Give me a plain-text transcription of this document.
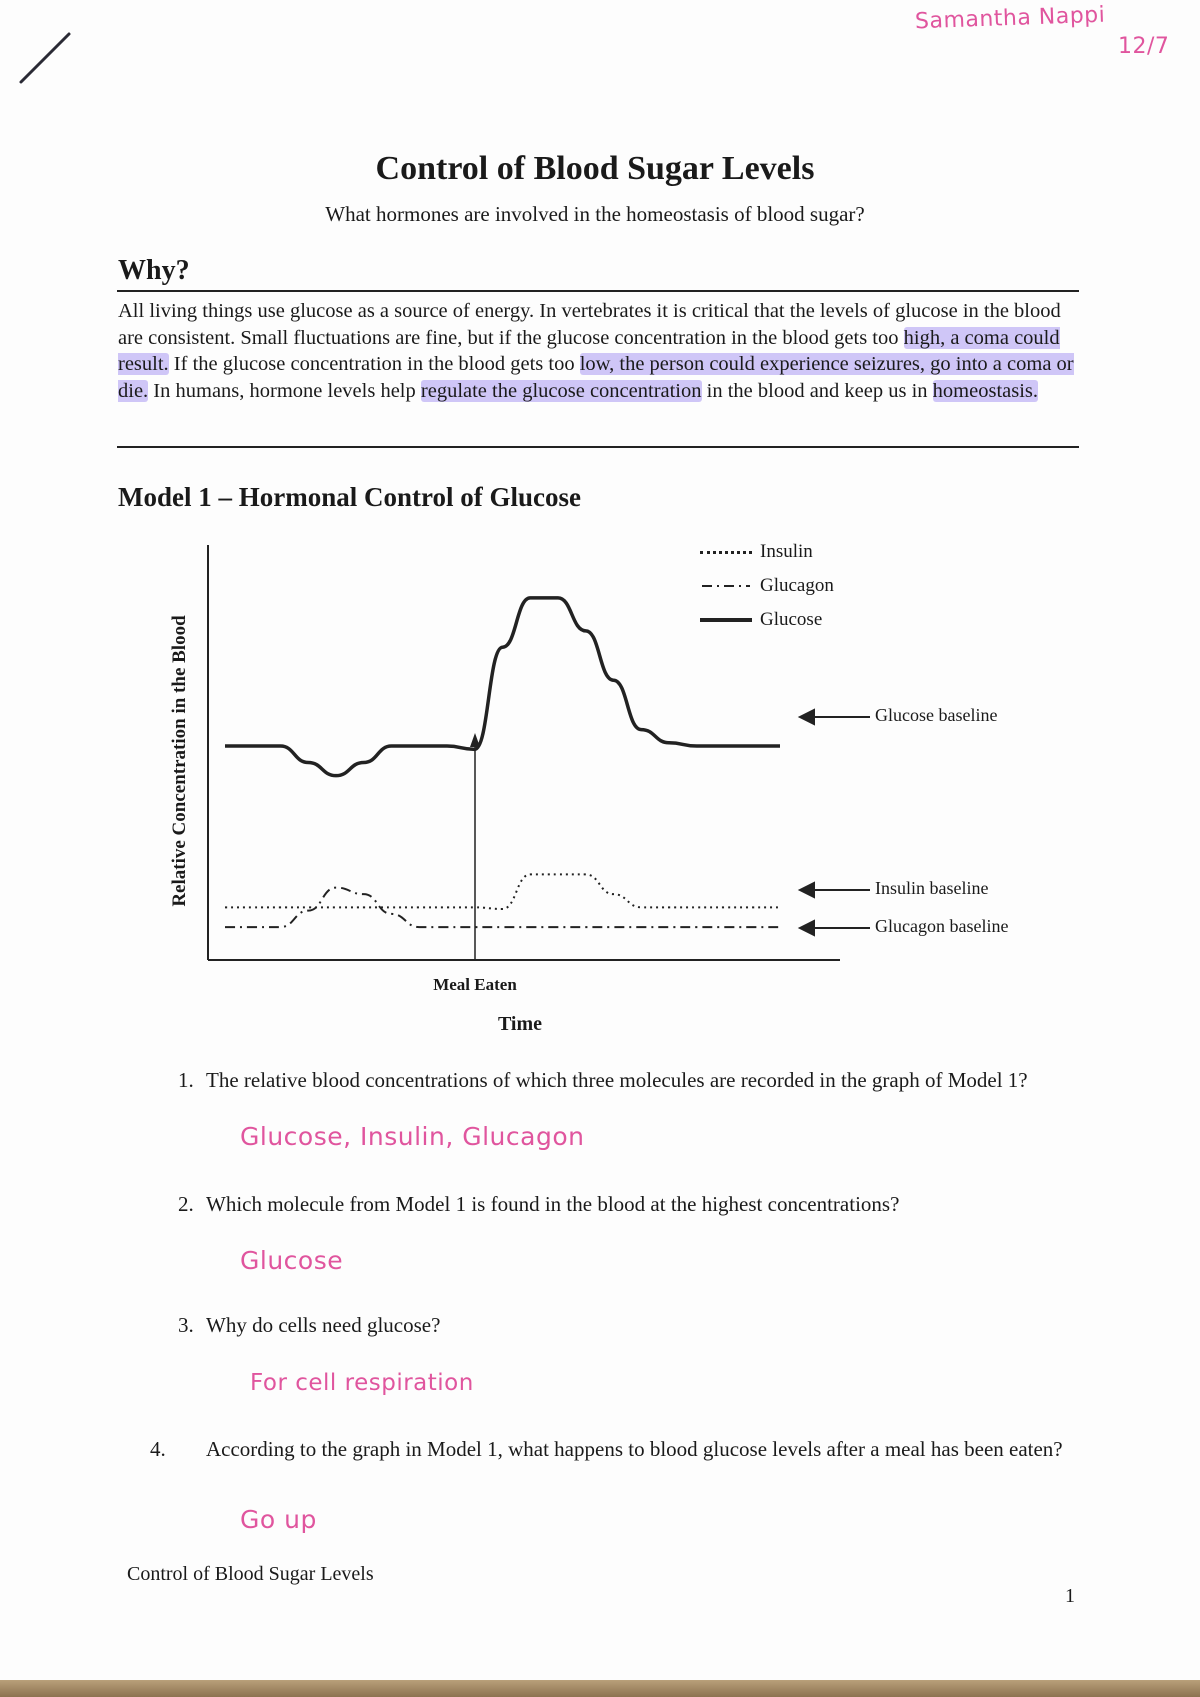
Samantha Nappi
12/7
Control of Blood Sugar Levels
What hormones are involved in the homeostasis of blood sugar?
Why?
All living things use glucose as a source of energy. In vertebrates it is critical that the levels of glucose in the blood are consistent. Small fluctuations are fine, but if the glucose concentration in the blood gets too high, a coma could result. If the glucose concentration in the blood gets too low, the person could experience seizures, go into a coma or die. In humans, hormone levels help regulate the glucose concentration in the blood and keep us in homeostasis.
Model 1 – Hormonal Control of Glucose
Relative Concentration in the Blood
Insulin
Glucagon
Glucose
Glucose baseline
Insulin baseline
Glucagon baseline
Meal Eaten
Time
1. The relative blood concentrations of which three molecules are recorded in the graph of Model 1?
Glucose, Insulin, Glucagon
2. Which molecule from Model 1 is found in the blood at the highest concentrations?
Glucose
3. Why do cells need glucose?
For cell respiration
4. According to the graph in Model 1, what happens to blood glucose levels after a meal has been eaten?
Go up
Control of Blood Sugar Levels
1
